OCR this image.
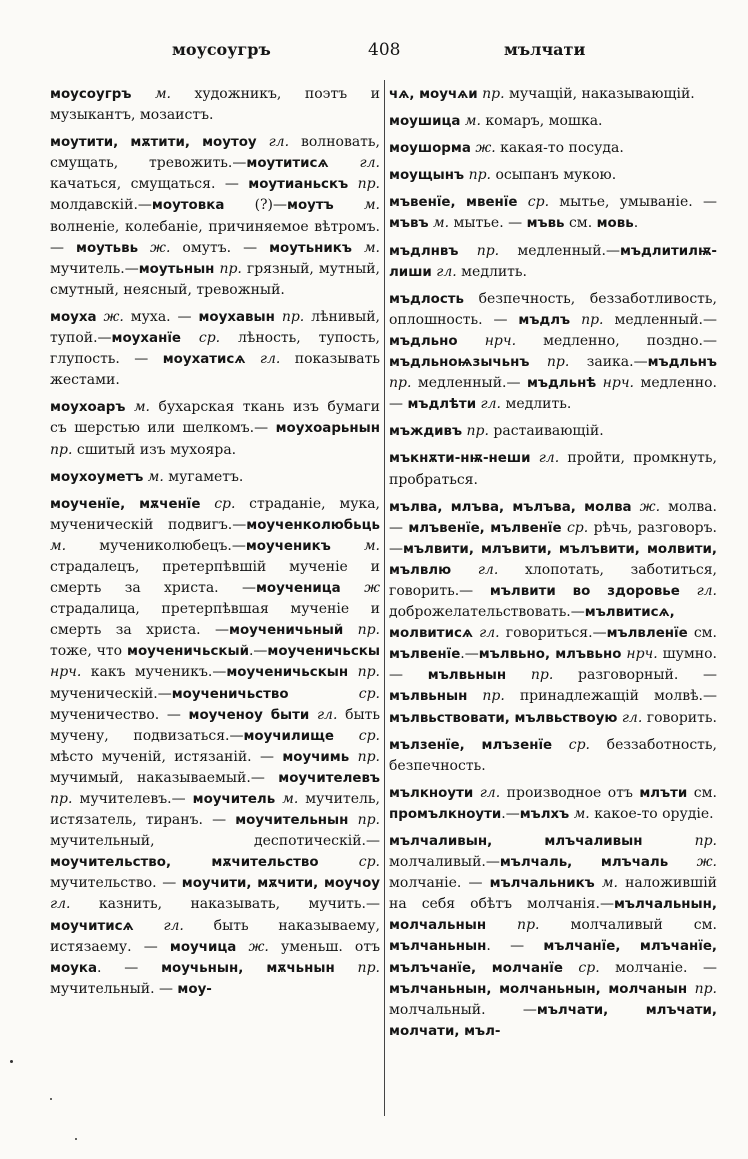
моусоугръ	408	мълчати

моусоугръ м. художникъ, поэтъ и музыкантъ, мозаистъ.

моутити, мѫтити, моутоу гл. волновать, смущать, тревожить.—моутитисѧ гл. качаться, смущаться. — моутианьскъ пр. молдавскій.—моутовка (?)—моутъ м. волненіе, колебаніе, причиняемое вѣтромъ. — моутьвь ж. омутъ. — моутьникъ м. мучитель.—моутьнын пр. грязный, мутный, смутный, неясный, тревожный.

моуха ж. муха. — моухавын пр. лѣнивый, тупой.—моуханїе ср. лѣность, тупость, глупость. — моухатисѧ гл. показывать жестами.

моухоаръ м. бухарская ткань изъ бумаги съ шерстью или шелкомъ.— моухоарьнын пр. сшитый изъ мухояра.

моухоуметъ м. мугаметъ.

моученїе, мѫченїе ср. страданіе, мука, мученическій подвигъ.—моученколюбьць м. мучениколюбецъ.—моученикъ м. страдалецъ, претерпѣвшій мученіе и смерть за христа. —моученица ж страдалица, претерпѣвшая мученіе и смерть за христа. —моученичьный пр. тоже, что моученичьскый.—моученичьскы нрч. какъ мученикъ.—моученичьскын пр. мученическій.—моученичьство	ср. мученичество. — моученоу быти гл. быть мучену, подвизаться.—моучилище ср. мѣсто мученій, истязаній. — моучимь пр. мучимый, наказываемый.— моучителевъ пр. мучителевъ.— моучитель м. мучитель, истязатель, тиранъ. — моучительнын пр. мучительный, деспотическій.— моучительство, мѫчительство	ср. мучительство. — моучити, мѫчити, моучоу гл. казнить, наказывать, мучить.—моучитисѧ гл. быть наказываему, истязаему. — моучица ж. уменьш. отъ моука. — моучьнын, мѫчьнын пр. мучительный. — моу-

чѧ, моучѧи пр. мучащій, наказывающій.

моушица м. комаръ, мошка.

моушорма ж. какая-то посуда.

моущынъ пр. осыпанъ мукою.

мъвенїе, мвенїе ср. мытье, умываніе. — мъвъ м. мытье. — мъвь см. мовь.

мъдлнвъ пр. медленный.—мъдлитилѭ-лиши гл. медлить.

мъдлость безпечность, беззаботливость, оплошность. — мъдлъ пр. медленный.—мъдльно нрч. медленно, поздно.—мъдльноѩзычьнъ пр. заика.—мъдльнъ пр. медленный.— мъдльнѣ нрч. медленно.— мъдлѣти гл. медлить.

мъждивъ пр. растаивающій.

мъкнѫти-нѭ-неши гл. пройти, промкнуть, пробраться.

мълва, млъва, мълъва, молва ж. молва. — млъвенїе, мълвенїе ср. рѣчь, разговоръ.—мълвити, млъвити, мълъвити, молвити, мълвлю гл. хлопотать, заботиться, говорить.— мълвити во здоровье гл. доброжелательствовать.—мълвитисѧ, молвитисѧ гл. говориться.—мълвленїе см. мълвенїе.—мълвьно, млъвьно нрч. шумно. — мълвьнын пр. разговорный. — мълвьнын пр. принадлежащій молвѣ.—мълвьствовати, мълвьствоую гл. говорить.

мълзенїе, млъзенїе ср. беззаботность, безпечность.

мълкноути гл. производное отъ млъти см. промълкноути.—мълхъ м. какое-то орудіе.

мълчаливын, млъчаливын	пр. молчаливый.—мълчаль, млъчаль ж. молчаніе. — мълчальникъ м. наложившій на себя обѣтъ молчанія.—мълчальнын, молчальнын пр. молчаливый см. мълчаньнын. — мълчанїе, млъчанїе, мълъчанїе, молчанїе ср. молчаніе. — мълчаньнын, молчаньнын, молчанын пр. молчальный. —мълчати, млъчати, молчати, мъл-
